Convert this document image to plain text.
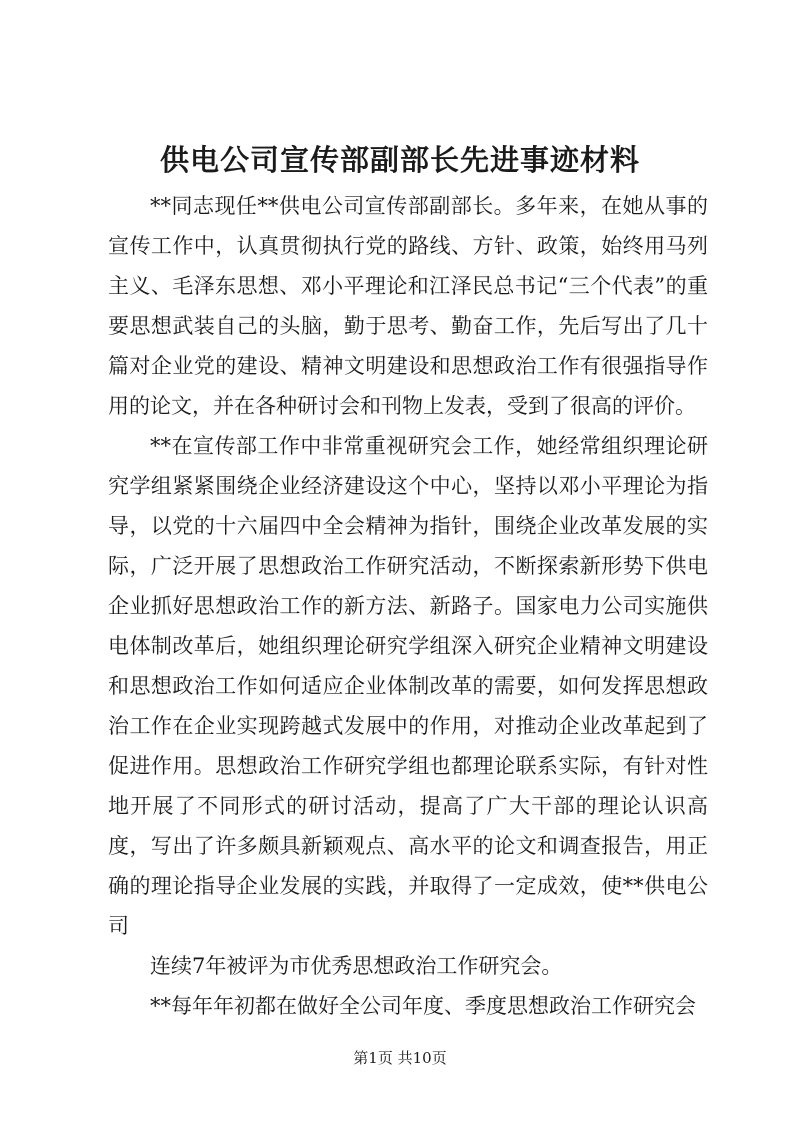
供电公司宣传部副部长先进事迹材料

**同志现任**供电公司宣传部副部长。多年来，在她从事的宣传工作中，认真贯彻执行党的路线、方针、政策，始终用马列主义、毛泽东思想、邓小平理论和江泽民总书记“三个代表”的重要思想武装自己的头脑，勤于思考、勤奋工作，先后写出了几十篇对企业党的建设、精神文明建设和思想政治工作有很强指导作用的论文，并在各种研讨会和刊物上发表，受到了很高的评价。

**在宣传部工作中非常重视研究会工作，她经常组织理论研究学组紧紧围绕企业经济建设这个中心，坚持以邓小平理论为指导，以党的十六届四中全会精神为指针，围绕企业改革发展的实际，广泛开展了思想政治工作研究活动，不断探索新形势下供电企业抓好思想政治工作的新方法、新路子。国家电力公司实施供电体制改革后，她组织理论研究学组深入研究企业精神文明建设和思想政治工作如何适应企业体制改革的需要，如何发挥思想政治工作在企业实现跨越式发展中的作用，对推动企业改革起到了促进作用。思想政治工作研究学组也都理论联系实际，有针对性地开展了不同形式的研讨活动，提高了广大干部的理论认识高度，写出了许多颇具新颖观点、高水平的论文和调查报告，用正确的理论指导企业发展的实践，并取得了一定成效，使**供电公司

连续7年被评为市优秀思想政治工作研究会。

**每年年初都在做好全公司年度、季度思想政治工作研究会

第1页 共10页
